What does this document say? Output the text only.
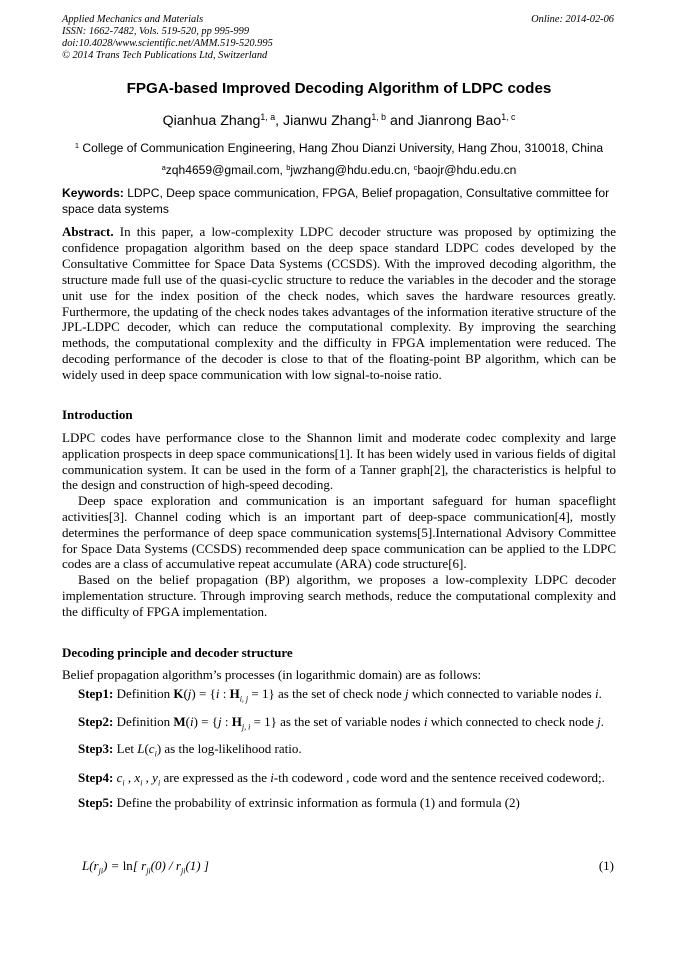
Applied Mechanics and Materials
ISSN: 1662-7482, Vols. 519-520, pp 995-999
doi:10.4028/www.scientific.net/AMM.519-520.995
© 2014 Trans Tech Publications Ltd, Switzerland
Online: 2014-02-06
FPGA-based Improved Decoding Algorithm of LDPC codes
Qianhua Zhang$^{1, a}$, Jianwu Zhang$^{1, b}$ and Jianrong Bao$^{1, c}$
$^1$ College of Communication Engineering, Hang Zhou Dianzi University, Hang Zhou, 310018, China
$^a$zqh4659@gmail.com, $^b$jwzhang@hdu.edu.cn, $^c$baojr@hdu.edu.cn
Keywords: LDPC, Deep space communication, FPGA, Belief propagation, Consultative committee for space data systems
Abstract. In this paper, a low-complexity LDPC decoder structure was proposed by optimizing the confidence propagation algorithm based on the deep space standard LDPC codes developed by the Consultative Committee for Space Data Systems (CCSDS). With the improved decoding algorithm, the structure made full use of the quasi-cyclic structure to reduce the variables in the decoder and the storage unit use for the index position of the check nodes, which saves the hardware resources greatly. Furthermore, the updating of the check nodes takes advantages of the information iterative structure of the JPL-LDPC decoder, which can reduce the computational complexity. By improving the searching methods, the computational complexity and the difficulty in FPGA implementation were reduced. The decoding performance of the decoder is close to that of the floating-point BP algorithm, which can be widely used in deep space communication with low signal-to-noise ratio.
Introduction

LDPC codes have performance close to the Shannon limit and moderate codec complexity and large application prospects in deep space communications[1]. It has been widely used in various fields of digital communication system. It can be used in the form of a Tanner graph[2], the characteristics is helpful to the design and construction of high-speed decoding.

Deep space exploration and communication is an important safeguard for human spaceflight activities[3]. Channel coding which is an important part of deep-space communication[4], mostly determines the performance of deep space communication systems[5].International Advisory Committee for Space Data Systems (CCSDS) recommended deep space communication can be applied to the LDPC codes are a class of accumulative repeat accumulate (ARA) code structure[6].

Based on the belief propagation (BP) algorithm, we proposes a low-complexity LDPC decoder implementation structure. Through improving search methods, reduce the computational complexity and the difficulty of FPGA implementation.

Decoding principle and decoder structure

Belief propagation algorithm’s processes (in logarithmic domain) are as follows:

Step1: Definition K(j) = {i : $H_{i, j} = 1$} as the set of check node j which connected to variable nodes i.

Step2: Definition M(i) = {j : $H_{j, i} = 1$} as the set of variable nodes i which connected to check node j.

Step3: Let $L(c_i)$ as the log-likelihood ratio.

Step4: $c_i$ , $x_i$ , $y_i$ are expressed as the i-th codeword , code word and the sentence received codeword;.

Step5: Define the probability of extrinsic information as formula (1) and formula (2)

$L(r_{ji}) = \ln$[ $r_{ji}(0) / r_{ji}(1)$ ]	(1)
